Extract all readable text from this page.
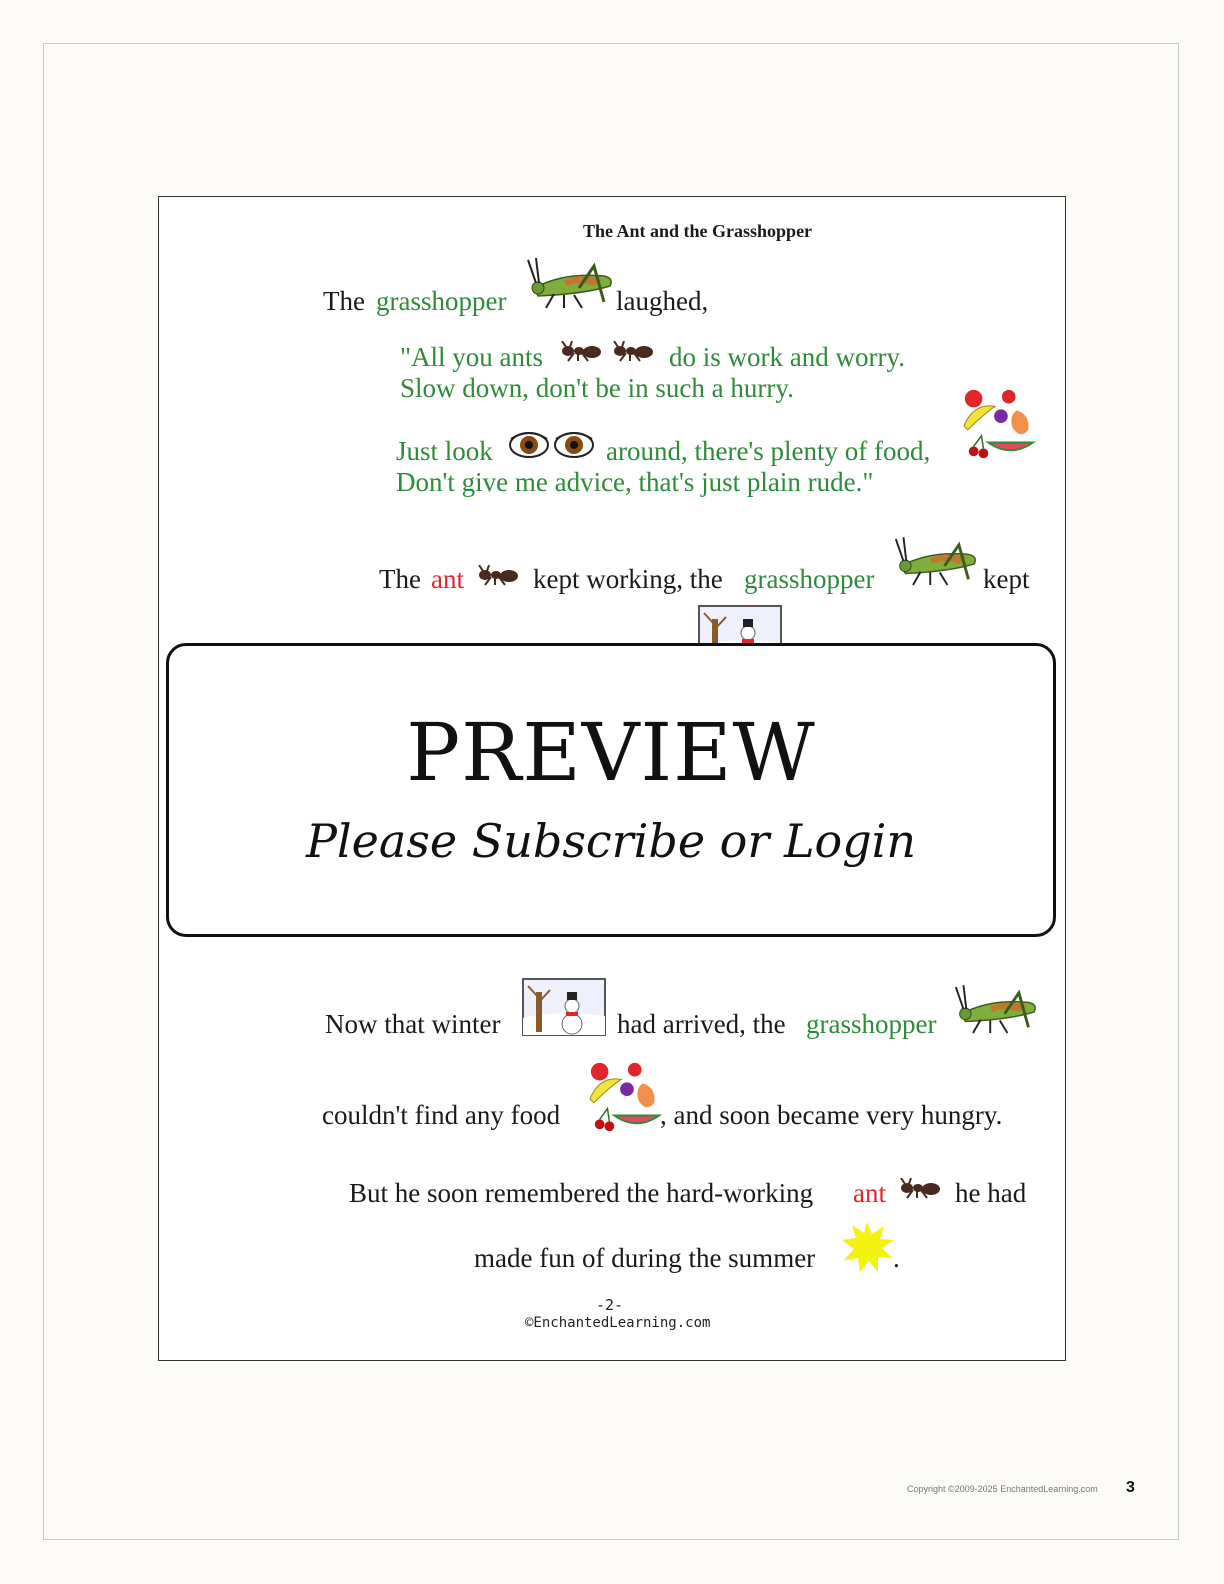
The Ant and the Grasshopper
The grasshopper	laughed,
"All you ants	do is work and worry.
Slow down, don't be in such a hurry.
Just look	around, there's plenty of food,
Don't give me advice, that's just plain rude."
The ant	kept working, the grasshopper	kept
PREVIEW
Please Subscribe or Login
Now that winter	had arrived, the grasshopper
couldn't find any food	, and soon became very hungry.
But he soon remembered the hard-working ant	he had
made fun of during the summer	.
-2-
©EnchantedLearning.com
Copyright ©2009-2025 EnchantedLearning.com 3
